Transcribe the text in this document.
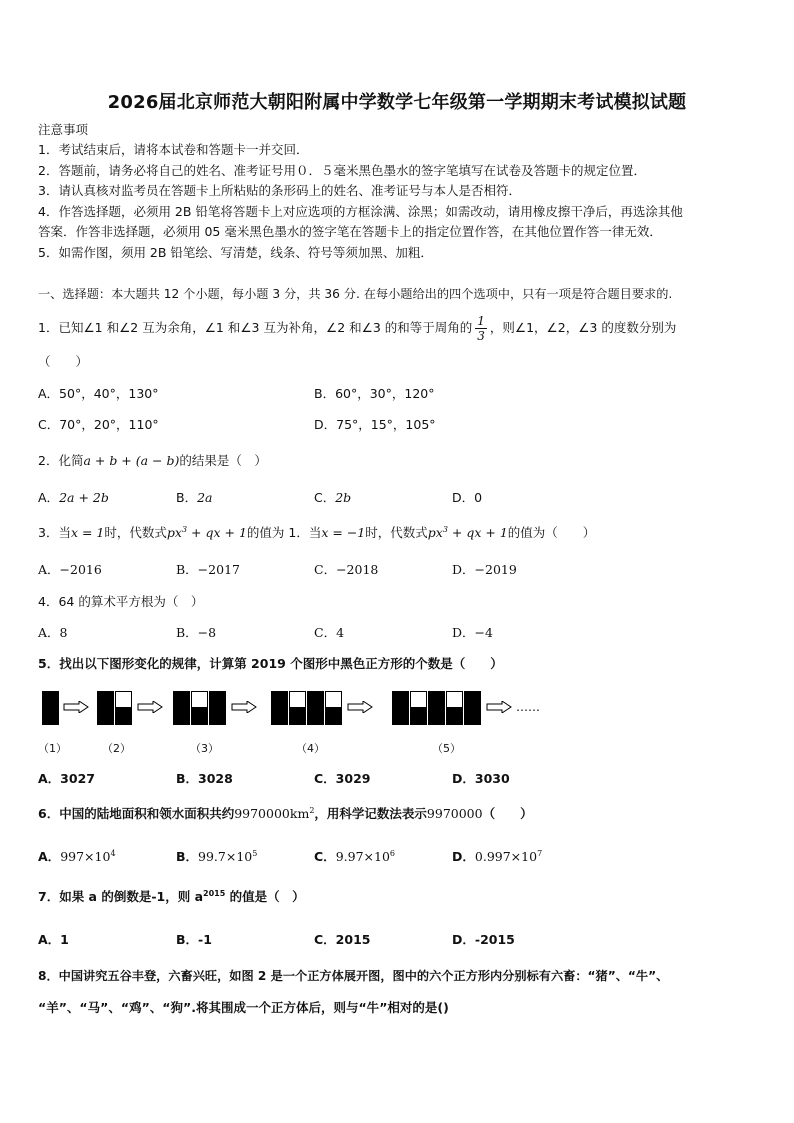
2026届北京师范大朝阳附属中学数学七年级第一学期期末考试模拟试题
注意事项
1．考试结束后，请将本试卷和答题卡一并交回．
2．答题前，请务必将自己的姓名、准考证号用０．５毫米黑色墨水的签字笔填写在试卷及答题卡的规定位置．
3．请认真核对监考员在答题卡上所粘贴的条形码上的姓名、准考证号与本人是否相符．
4．作答选择题，必须用 2B 铅笔将答题卡上对应选项的方框涂满、涂黑；如需改动，请用橡皮擦干净后，再选涂其他
答案．作答非选择题，必须用 05 毫米黑色墨水的签字笔在答题卡上的指定位置作答，在其他位置作答一律无效．
5．如需作图，须用 2B 铅笔绘、写清楚，线条、符号等须加黑、加粗．
一、选择题：本大题共 12 个小题，每小题 3 分，共 36 分. 在每小题给出的四个选项中，只有一项是符合题目要求的.
1．已知∠1 和∠2 互为余角，∠1 和∠3 互为补角，∠2 和∠3 的和等于周角的 $\frac{1}{3}$ ，则∠1，∠2，∠3 的度数分别为
（　　）
A．50°，40°，130°	B．60°，30°，120°
C．70°，20°，110°	D．75°，15°，105°
2．化简a + b + (a − b)的结果是（　）
A．2a + 2b	B．2a	C．2b	D．0
3．当x = 1时，代数式$px^3$ + qx + 1的值为 1．当x = −1时，代数式$px^3$ + qx + 1的值为（　　）
A．−2016	B．−2017	C．−2018	D．−2019
4．64 的算术平方根为（　）
A．8	B．−8	C．4	D．−4
5．找出以下图形变化的规律，计算第 2019 个图形中黑色正方形的个数是（　　）
（1）	（2）	（3）	（4）	（5）
……
A．3027	B．3028	C．3029	D．3030
6．中国的陆地面积和领水面积共约$9970000km^2$，用科学记数法表示9970000（　　）
A．$997\times 10^4$	B．$99.7\times 10^5$	C．$9.97\times 10^6$	D．$0.997\times 10^7$
7．如果 a 的倒数是-1，则 $a^{2015}$ 的值是（　）
A．1	B．-1	C．2015	D．-2015
8．中国讲究五谷丰登，六畜兴旺，如图 2 是一个正方体展开图，图中的六个正方形内分别标有六畜：“猪”、“牛”、
“羊”、“马”、“鸡”、“狗”.将其围成一个正方体后，则与“牛”相对的是()
